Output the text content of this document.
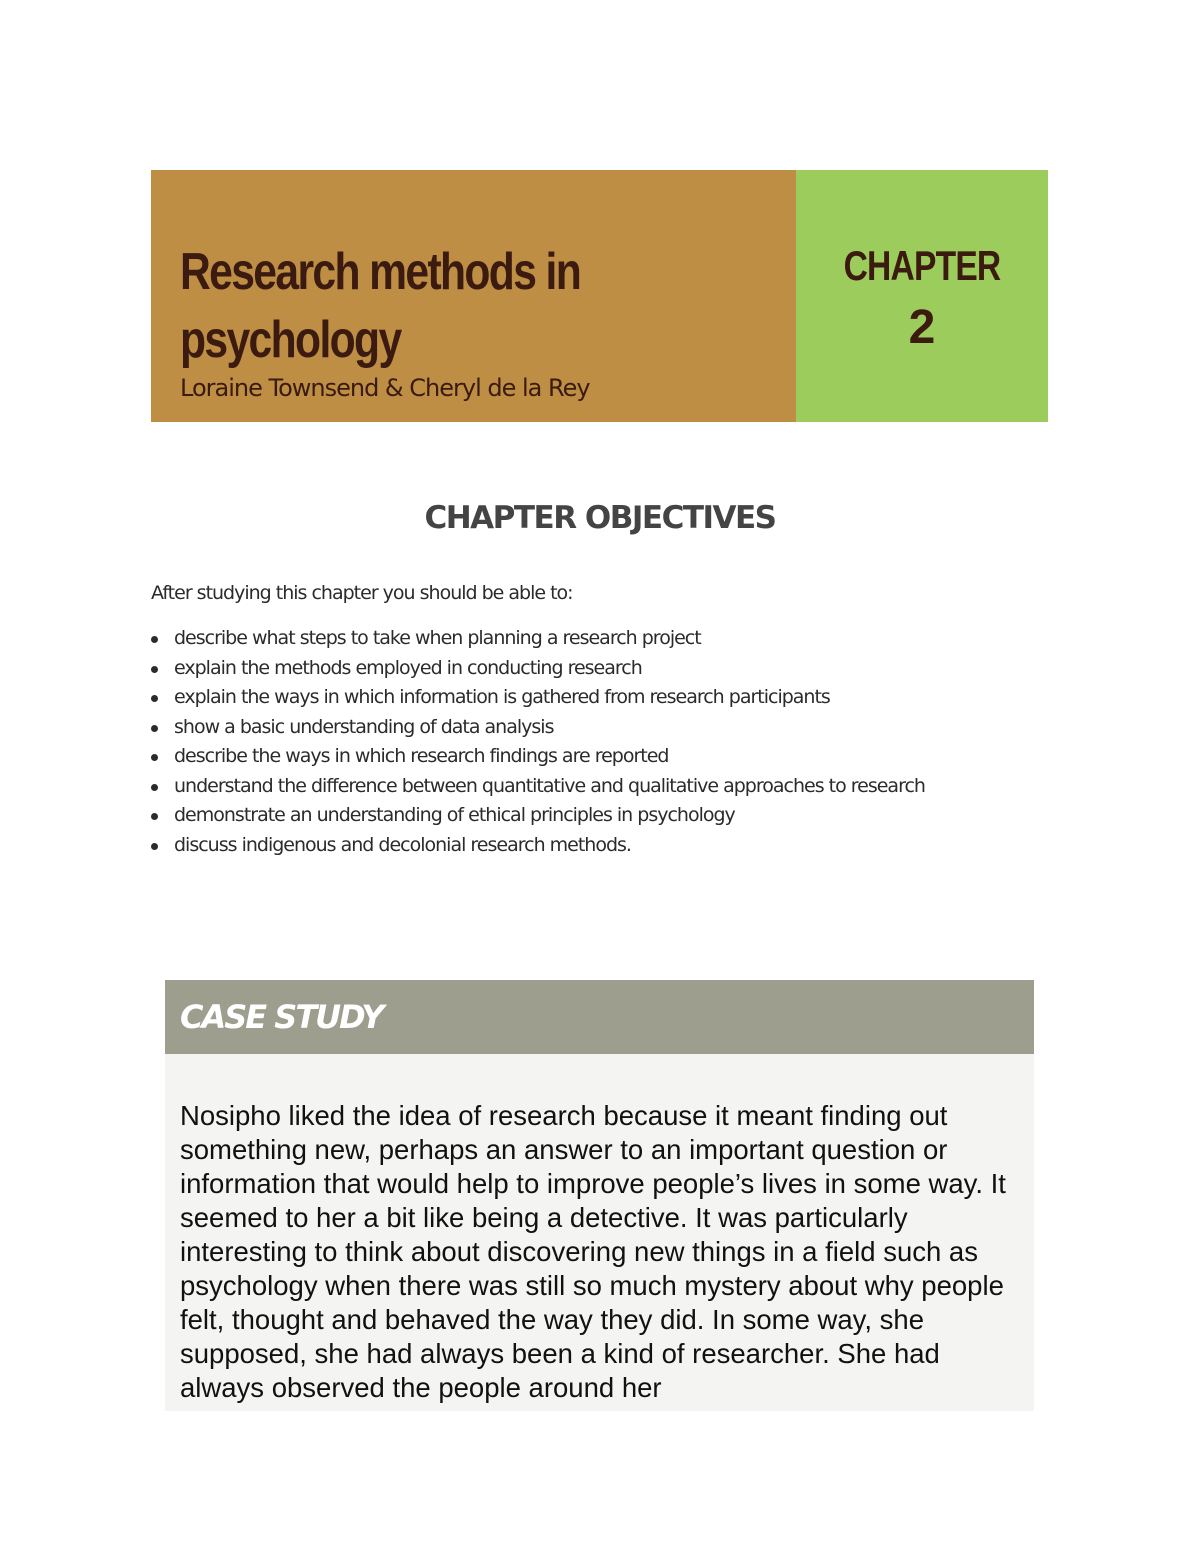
Research methods in
psychology
Loraine Townsend & Cheryl de la Rey
CHAPTER
2
CHAPTER OBJECTIVES
After studying this chapter you should be able to:
describe what steps to take when planning a research project
explain the methods employed in conducting research
explain the ways in which information is gathered from research participants
show a basic understanding of data analysis
describe the ways in which research findings are reported
understand the difference between quantitative and qualitative approaches to research
demonstrate an understanding of ethical principles in psychology
discuss indigenous and decolonial research methods.
CASE STUDY

Nosipho liked the idea of research because it meant finding out something new, perhaps an answer to an important question or information that would help to improve people’s lives in some way. It seemed to her a bit like being a detective. It was particularly interesting to think about discovering new things in a field such as psychology when there was still so much mystery about why people felt, thought and behaved the way they did. In some way, she supposed, she had always been a kind of researcher. She had always observed the people around her
